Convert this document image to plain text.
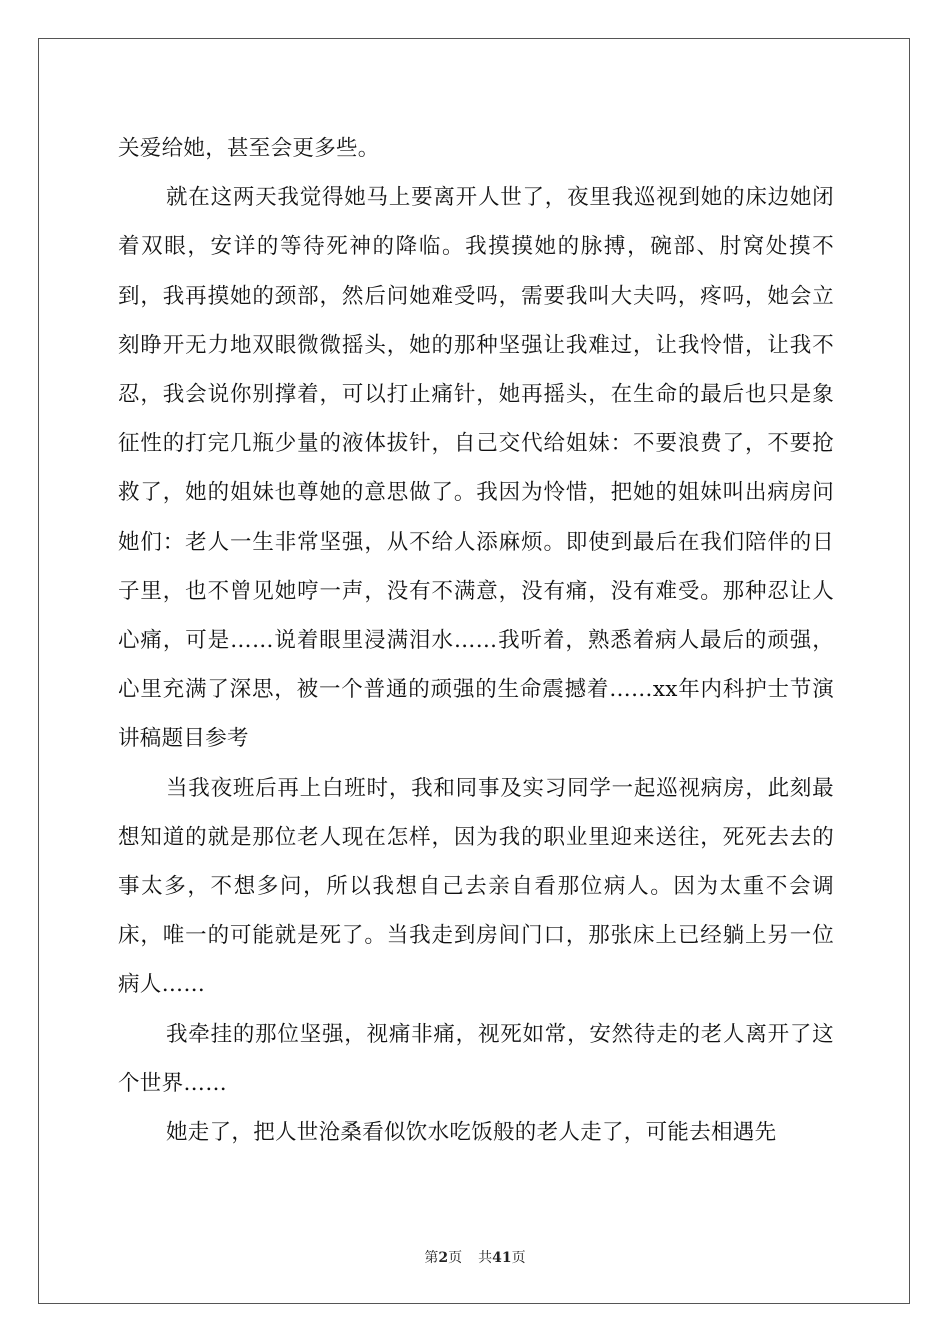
关爱给她，甚至会更多些。

就在这两天我觉得她马上要离开人世了，夜里我巡视到她的床边她闭着双眼，安详的等待死神的降临。我摸摸她的脉搏，碗部、肘窝处摸不到，我再摸她的颈部，然后问她难受吗，需要我叫大夫吗，疼吗，她会立刻睁开无力地双眼微微摇头，她的那种坚强让我难过，让我怜惜，让我不忍，我会说你别撑着，可以打止痛针，她再摇头，在生命的最后也只是象征性的打完几瓶少量的液体拔针，自己交代给姐妹：不要浪费了，不要抢救了，她的姐妹也尊她的意思做了。我因为怜惜，把她的姐妹叫出病房问她们：老人一生非常坚强，从不给人添麻烦。即使到最后在我们陪伴的日子里，也不曾见她哼一声，没有不满意，没有痛，没有难受。那种忍让人心痛，可是……说着眼里浸满泪水……我听着，熟悉着病人最后的顽强，心里充满了深思，被一个普通的顽强的生命震撼着……xx年内科护士节演讲稿题目参考

当我夜班后再上白班时，我和同事及实习同学一起巡视病房，此刻最想知道的就是那位老人现在怎样，因为我的职业里迎来送往，死死去去的事太多，不想多问，所以我想自己去亲自看那位病人。因为太重不会调床，唯一的可能就是死了。当我走到房间门口，那张床上已经躺上另一位病人……

我牵挂的那位坚强，视痛非痛，视死如常，安然待走的老人离开了这个世界……

她走了，把人世沧桑看似饮水吃饭般的老人走了，可能去相遇先

第2页 共41页
